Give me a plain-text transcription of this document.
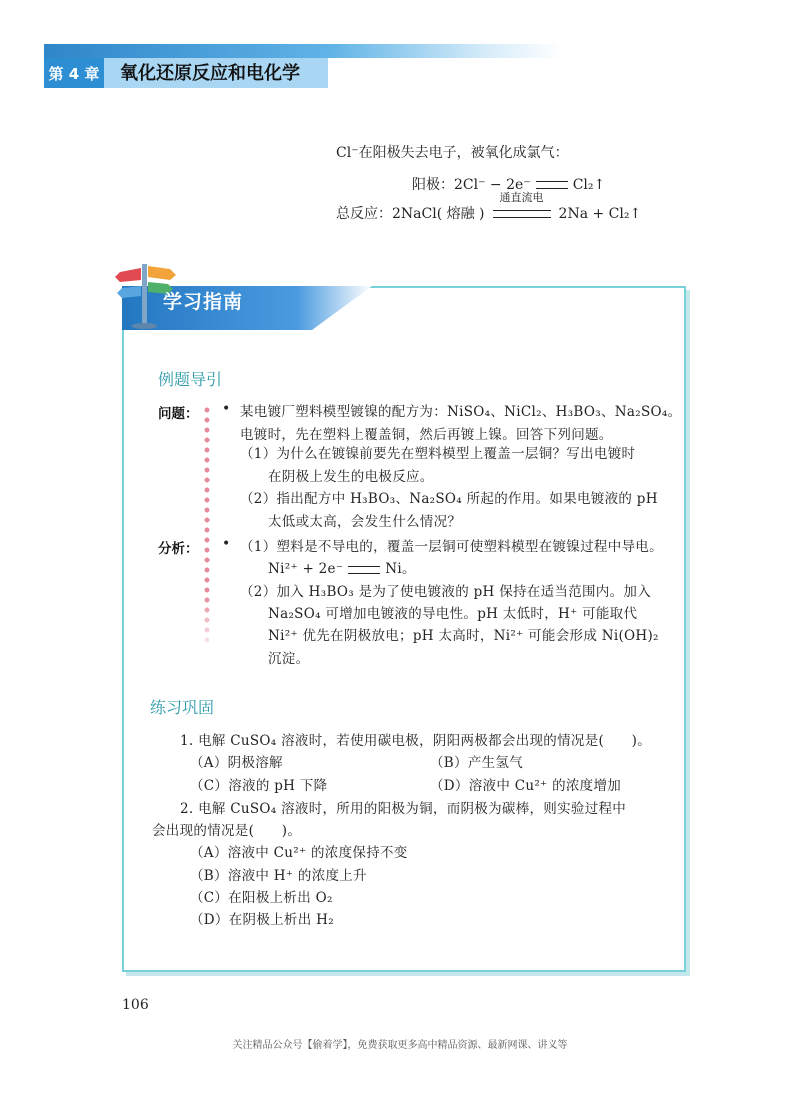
第 4 章 氧化还原反应和电化学
Cl⁻在阳极失去电子，被氧化成氯气：
阳极：2Cl⁻ − 2e⁻	Cl₂↑
总反应：2NaCl( 熔融 )
通直流电
2Na + Cl₂↑
学习指南
例题导引
问题： • 某电镀厂塑料模型镀镍的配方为：NiSO₄、NiCl₂、H₃BO₃、Na₂SO₄。
电镀时，先在塑料上覆盖铜，然后再镀上镍。回答下列问题。
（1）为什么在镀镍前要先在塑料模型上覆盖一层铜？写出电镀时
在阴极上发生的电极反应。
（2）指出配方中 H₃BO₃、Na₂SO₄ 所起的作用。如果电镀液的 pH
太低或太高，会发生什么情况？
分析： • （1）塑料是不导电的，覆盖一层铜可使塑料模型在镀镍过程中导电。
Ni²⁺ + 2e⁻	Ni。
（2）加入 H₃BO₃ 是为了使电镀液的 pH 保持在适当范围内。加入
Na₂SO₄ 可增加电镀液的导电性。pH 太低时，H⁺ 可能取代
Ni²⁺ 优先在阴极放电；pH 太高时，Ni²⁺ 可能会形成 Ni(OH)₂
沉淀。
练习巩固
1. 电解 CuSO₄ 溶液时，若使用碳电极，阴阳两极都会出现的情况是(　　)。
（A）阴极溶解	（B）产生氢气
（C）溶液的 pH 下降	（D）溶液中 Cu²⁺ 的浓度增加
2. 电解 CuSO₄ 溶液时，所用的阳极为铜，而阴极为碳棒，则实验过程中
会出现的情况是(　　)。
（A）溶液中 Cu²⁺ 的浓度保持不变
（B）溶液中 H⁺ 的浓度上升
（C）在阳极上析出 O₂
（D）在阴极上析出 H₂
106
关注精品公众号【偷着学】，免费获取更多高中精品资源、最新网课、讲义等
